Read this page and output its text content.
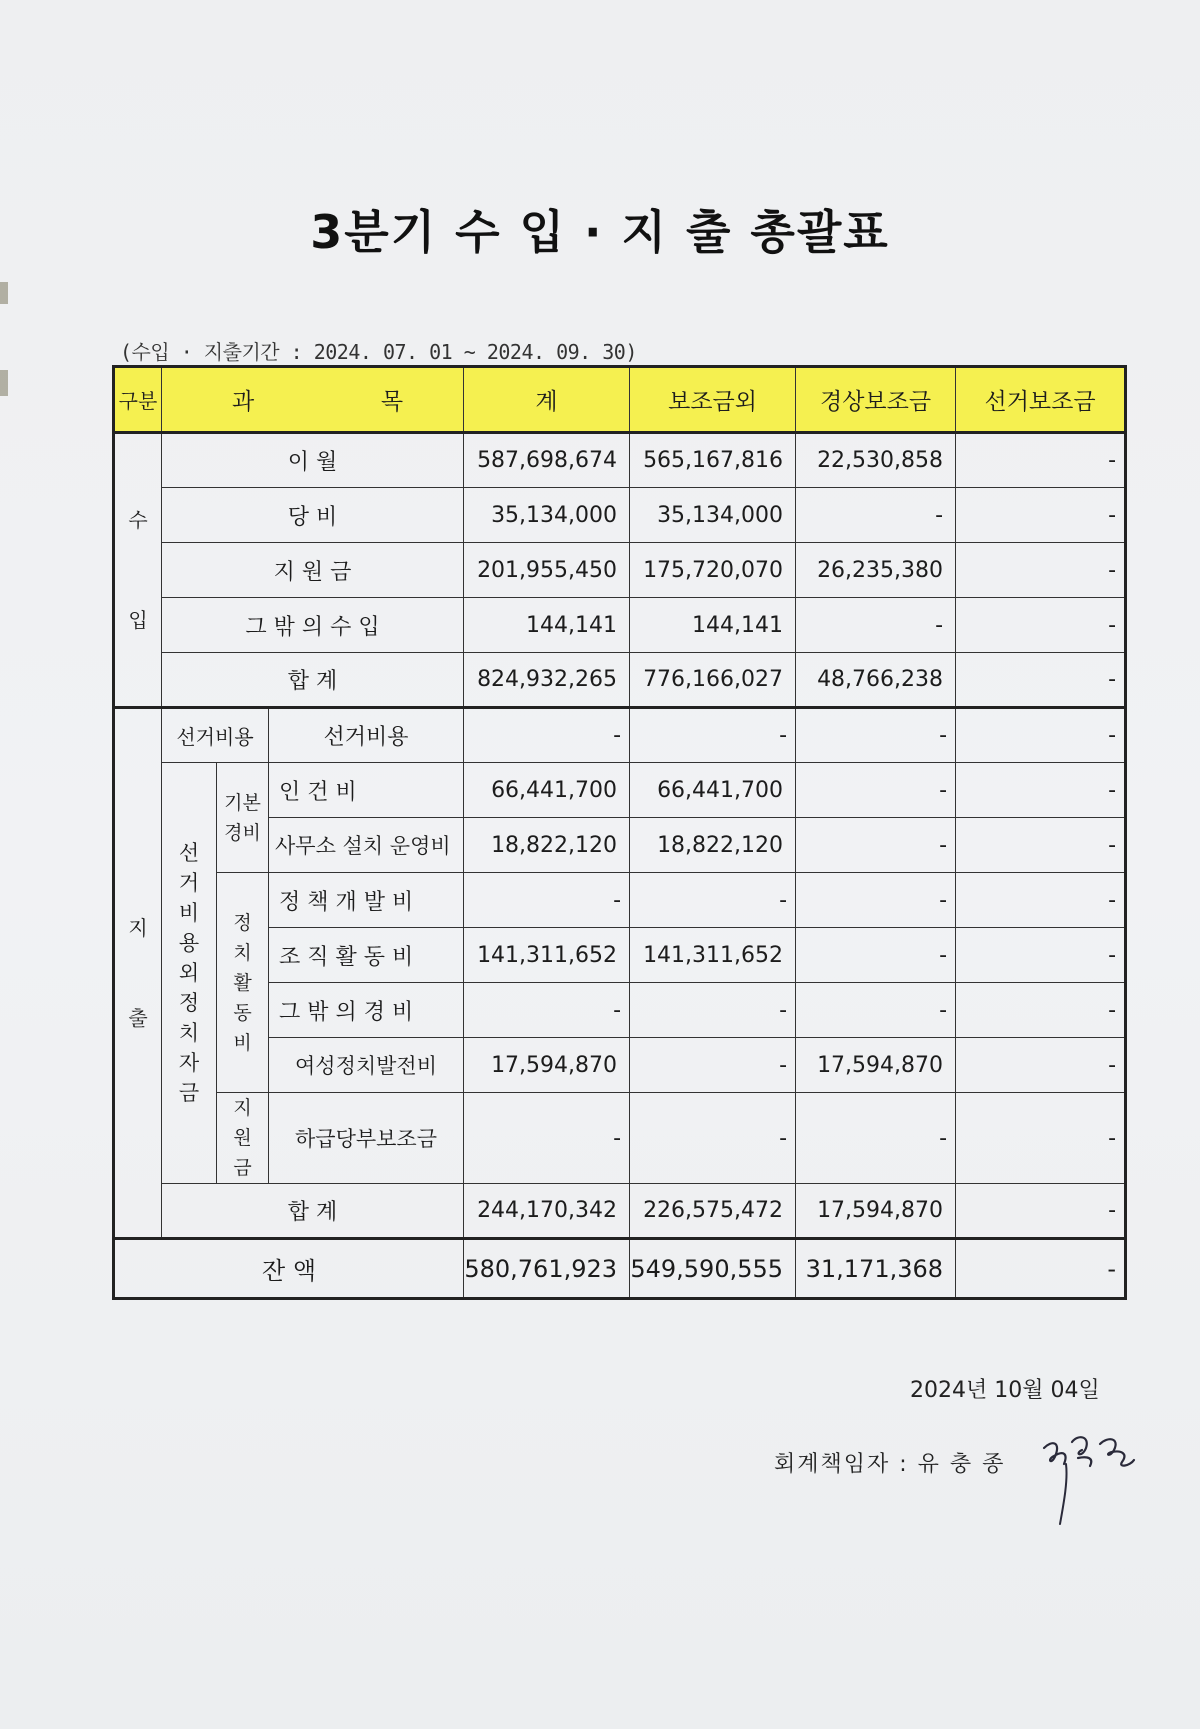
3분기 수 입 · 지 출 총괄표
(수입 · 지출기간 : 2024. 07. 01 ~ 2024. 09. 30)
구분	과 목			계	보조금외	경상보조금	선거보조금

수
입	이 월			587,698,674	565,167,816	22,530,858	-
	당 비			35,134,000	35,134,000	-	-
	지 원 금			201,955,450	175,720,070	26,235,380	-
	그 밖 의 수 입			144,141	144,141	-	-
	합 계			824,932,265	776,166,027	48,766,238	-

지
출	선거비용		선거비용	-	-	-	-
	선거비용외 정치자금	기본경비	인 건 비	66,441,700	66,441,700	-	-
			사무소 설치 운영비	18,822,120	18,822,120	-	-
		정치활동비	정 책 개 발 비	-	-	-	-
			조 직 활 동 비	141,311,652	141,311,652	-	-
			그 밖 의 경 비	-	-	-	-
			여성정치발전비	17,594,870	-	17,594,870	-
		지원금	하급당부보조금	-	-	-	-
	합 계			244,170,342	226,575,472	17,594,870	-
잔 액				580,761,923	549,590,555	31,171,368	-
2024년 10월 04일
회계책임자 : 유 충 종
